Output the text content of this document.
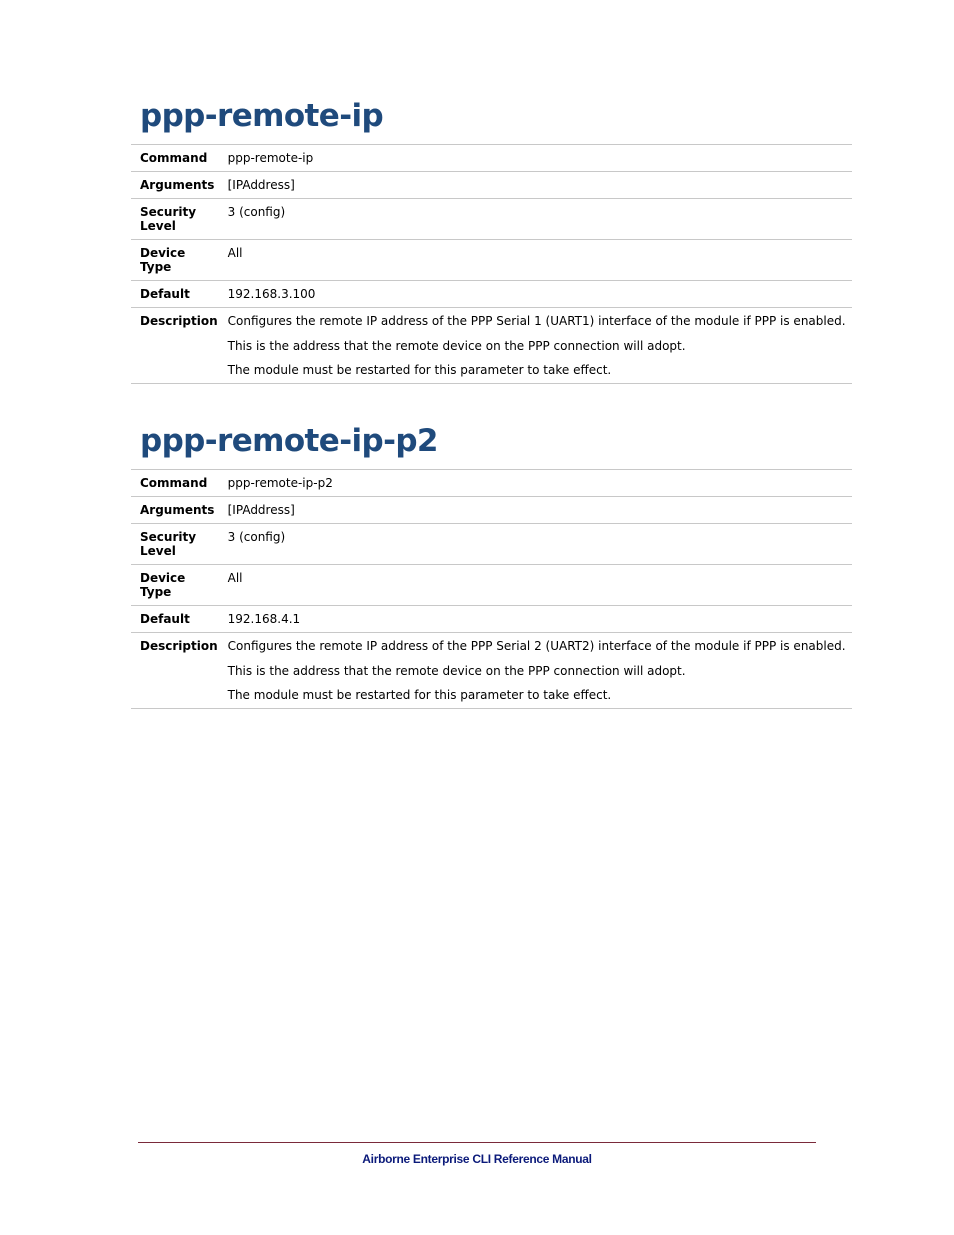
ppp-remote-ip
Command	ppp-remote-ip
Arguments	[IPAddress]
Security Level	3 (config)
Device Type	All
Default	192.168.3.100
Description	Configures the remote IP address of the PPP Serial 1 (UART1) interface of the module if PPP is enabled.
This is the address that the remote device on the PPP connection will adopt.
The module must be restarted for this parameter to take effect.
ppp-remote-ip-p2
Command	ppp-remote-ip-p2
Arguments	[IPAddress]
Security Level	3 (config)
Device Type	All
Default	192.168.4.1
Description	Configures the remote IP address of the PPP Serial 2 (UART2) interface of the module if PPP is enabled.
This is the address that the remote device on the PPP connection will adopt.
The module must be restarted for this parameter to take effect.
Airborne Enterprise CLI Reference Manual
